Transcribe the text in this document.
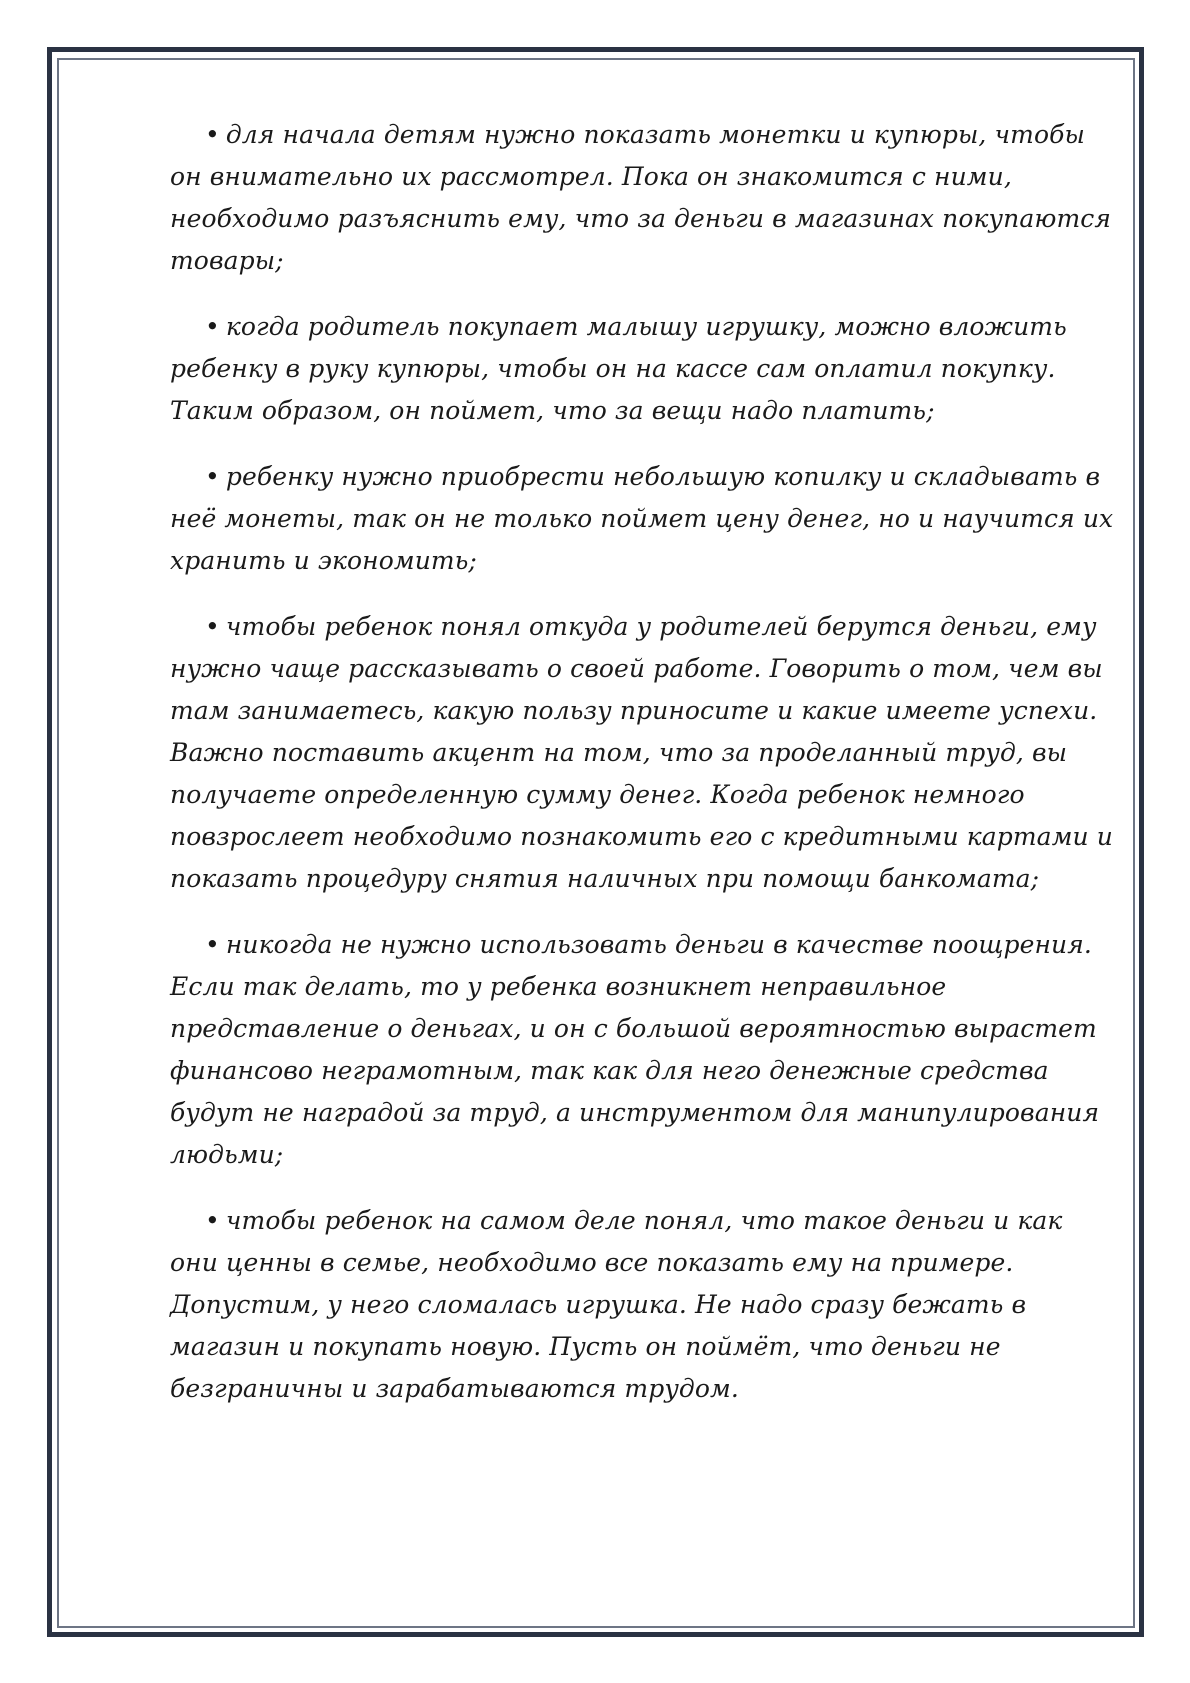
• для начала детям нужно показать монетки и купюры, чтобы он внимательно их рассмотрел. Пока он знакомится с ними, необходимо разъяснить ему, что за деньги в магазинах покупаются товары;

• когда родитель покупает малышу игрушку, можно вложить ребенку в руку купюры, чтобы он на кассе сам оплатил покупку. Таким образом, он поймет, что за вещи надо платить;

• ребенку нужно приобрести небольшую копилку и складывать в неё монеты, так он не только поймет цену денег, но и научится их хранить и экономить;

• чтобы ребенок понял откуда у родителей берутся деньги, ему нужно чаще рассказывать о своей работе. Говорить о том, чем вы там занимаетесь, какую пользу приносите и какие имеете успехи. Важно поставить акцент на том, что за проделанный труд, вы получаете определенную сумму денег. Когда ребенок немного повзрослеет необходимо познакомить его с кредитными картами и показать процедуру снятия наличных при помощи банкомата;

• никогда не нужно использовать деньги в качестве поощрения. Если так делать, то у ребенка возникнет неправильное представление о деньгах, и он с большой вероятностью вырастет финансово неграмотным, так как для него денежные средства будут не наградой за труд, а инструментом для манипулирования людьми;

• чтобы ребенок на самом деле понял, что такое деньги и как они ценны в семье, необходимо все показать ему на примере. Допустим, у него сломалась игрушка. Не надо сразу бежать в магазин и покупать новую. Пусть он поймёт, что деньги не безграничны и зарабатываются трудом.
